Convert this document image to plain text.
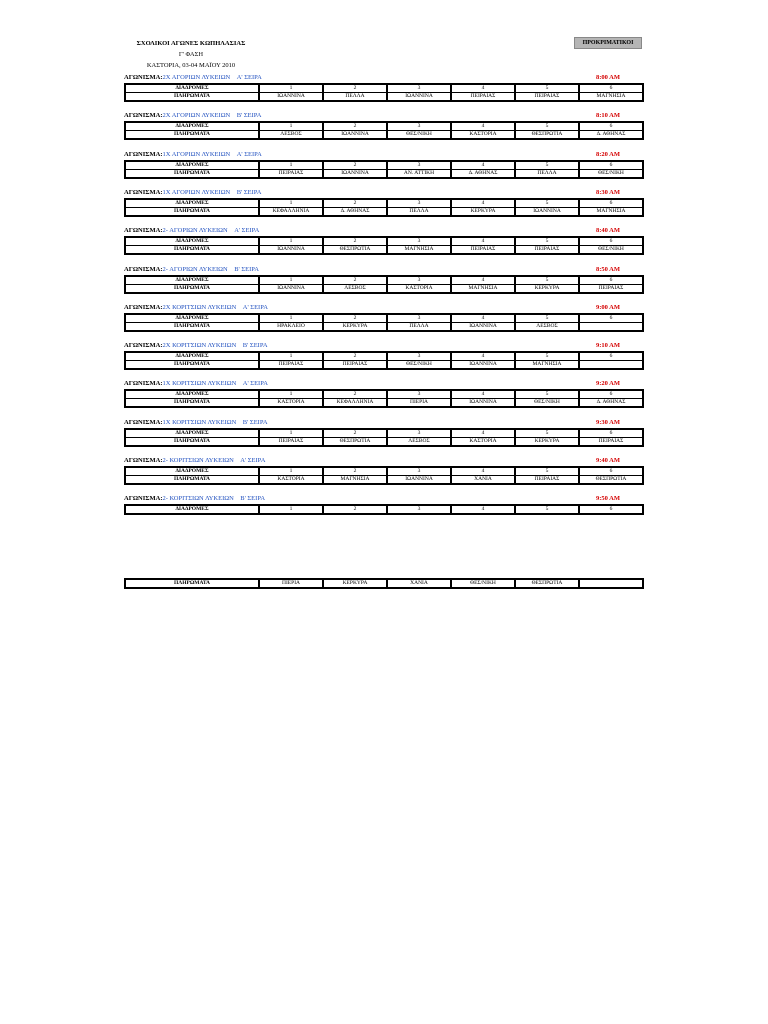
ΣΧΟΛΙΚΟΙ ΑΓΩΝΕΣ ΚΩΠΗΛΑΣΙΑΣ
Γ' ΦΑΣΗ
ΚΑΣΤΟΡΙΑ, 03-04 ΜΑΪΟΥ 2010
ΠΡΟΚΡΙΜΑΤΙΚΟΙ
ΑΓΩΝΙΣΜΑ:2Χ ΑΓΟΡΙΩΝ ΛΥΚΕΙΩΝ Α' ΣΕΙΡΑ	8:00 ΑΜ
ΔΙΑΔΡΟΜΕΣ	1	2	3	4	5	6
ΠΛΗΡΩΜΑΤΑ	ΙΩΑΝΝΙΝΑ	ΠΕΛΛΑ	ΙΩΑΝΝΙΝΑ	ΠΕΙΡΑΙΑΣ	ΠΕΙΡΑΙΑΣ	ΜΑΓΝΗΣΙΑ
ΑΓΩΝΙΣΜΑ:2Χ ΑΓΟΡΙΩΝ ΛΥΚΕΙΩΝ Β' ΣΕΙΡΑ	8:10 ΑΜ
ΔΙΑΔΡΟΜΕΣ	1	2	3	4	5	6
ΠΛΗΡΩΜΑΤΑ	ΛΕΣΒΟΣ	ΙΩΑΝΝΙΝΑ	ΘΕΣ/ΝΙΚΗ	ΚΑΣΤΟΡΙΑ	ΘΕΣΠΡΩΤΙΑ	Δ. ΑΘΗΝΑΣ
ΑΓΩΝΙΣΜΑ:1Χ ΑΓΟΡΙΩΝ ΛΥΚΕΙΩΝ Α' ΣΕΙΡΑ	8:20 ΑΜ
ΔΙΑΔΡΟΜΕΣ	1	2	3	4	5	6
ΠΛΗΡΩΜΑΤΑ	ΠΕΙΡΑΙΑΣ	ΙΩΑΝΝΙΝΑ	ΑΝ. ΑΤΤΙΚΗ	Δ. ΑΘΗΝΑΣ	ΠΕΛΛΑ	ΘΕΣ/ΝΙΚΗ
ΑΓΩΝΙΣΜΑ:1Χ ΑΓΟΡΙΩΝ ΛΥΚΕΙΩΝ Β' ΣΕΙΡΑ	8:30 ΑΜ
ΔΙΑΔΡΟΜΕΣ	1	2	3	4	5	6
ΠΛΗΡΩΜΑΤΑ	ΚΕΦΑΛΛΗΝΙΑ	Δ. ΑΘΗΝΑΣ	ΠΕΛΛΑ	ΚΕΡΚΥΡΑ	ΙΩΑΝΝΙΝΑ	ΜΑΓΝΗΣΙΑ
ΑΓΩΝΙΣΜΑ:2- ΑΓΟΡΙΩΝ ΛΥΚΕΙΩΝ Α' ΣΕΙΡΑ	8:40 ΑΜ
ΔΙΑΔΡΟΜΕΣ	1	2	3	4	5	6
ΠΛΗΡΩΜΑΤΑ	ΙΩΑΝΝΙΝΑ	ΘΕΣΠΡΩΤΙΑ	ΜΑΓΝΗΣΙΑ	ΠΕΙΡΑΙΑΣ	ΠΕΙΡΑΙΑΣ	ΘΕΣ/ΝΙΚΗ
ΑΓΩΝΙΣΜΑ:2- ΑΓΟΡΙΩΝ ΛΥΚΕΙΩΝ Β' ΣΕΙΡΑ	8:50 ΑΜ
ΔΙΑΔΡΟΜΕΣ	1	2	3	4	5	6
ΠΛΗΡΩΜΑΤΑ	ΙΩΑΝΝΙΝΑ	ΛΕΣΒΟΣ	ΚΑΣΤΟΡΙΑ	ΜΑΓΝΗΣΙΑ	ΚΕΡΚΥΡΑ	ΠΕΙΡΑΙΑΣ
ΑΓΩΝΙΣΜΑ:2Χ ΚΟΡΙΤΣΙΩΝ ΛΥΚΕΙΩΝ Α' ΣΕΙΡΑ	9:00 ΑΜ
ΔΙΑΔΡΟΜΕΣ	1	2	3	4	5	6
ΠΛΗΡΩΜΑΤΑ	ΗΡΑΚΛΕΙΟ	ΚΕΡΚΥΡΑ	ΠΕΛΛΑ	ΙΩΑΝΝΙΝΑ	ΛΕΣΒΟΣ	
ΑΓΩΝΙΣΜΑ:2Χ ΚΟΡΙΤΣΙΩΝ ΛΥΚΕΙΩΝ Β' ΣΕΙΡΑ	9:10 ΑΜ
ΔΙΑΔΡΟΜΕΣ	1	2	3	4	5	6
ΠΛΗΡΩΜΑΤΑ	ΠΕΙΡΑΙΑΣ	ΠΕΙΡΑΙΑΣ	ΘΕΣ/ΝΙΚΗ	ΙΩΑΝΝΙΝΑ	ΜΑΓΝΗΣΙΑ	
ΑΓΩΝΙΣΜΑ:1Χ ΚΟΡΙΤΣΙΩΝ ΛΥΚΕΙΩΝ Α' ΣΕΙΡΑ	9:20 ΑΜ
ΔΙΑΔΡΟΜΕΣ	1	2	3	4	5	6
ΠΛΗΡΩΜΑΤΑ	ΚΑΣΤΟΡΙΑ	ΚΕΦΑΛΛΗΝΙΑ	ΠΙΕΡΙΑ	ΙΩΑΝΝΙΝΑ	ΘΕΣ/ΝΙΚΗ	Δ. ΑΘΗΝΑΣ
ΑΓΩΝΙΣΜΑ:1Χ ΚΟΡΙΤΣΙΩΝ ΛΥΚΕΙΩΝ Β' ΣΕΙΡΑ	9:30 ΑΜ
ΔΙΑΔΡΟΜΕΣ	1	2	3	4	5	6
ΠΛΗΡΩΜΑΤΑ	ΠΕΙΡΑΙΑΣ	ΘΕΣΠΡΩΤΙΑ	ΛΕΣΒΟΣ	ΚΑΣΤΟΡΙΑ	ΚΕΡΚΥΡΑ	ΠΕΙΡΑΙΑΣ
ΑΓΩΝΙΣΜΑ:2- ΚΟΡΙΤΣΙΩΝ ΛΥΚΕΙΩΝ Α' ΣΕΙΡΑ	9:40 ΑΜ
ΔΙΑΔΡΟΜΕΣ	1	2	3	4	5	6
ΠΛΗΡΩΜΑΤΑ	ΚΑΣΤΟΡΙΑ	ΜΑΓΝΗΣΙΑ	ΙΩΑΝΝΙΝΑ	ΧΑΝΙΑ	ΠΕΙΡΑΙΑΣ	ΘΕΣΠΡΩΤΙΑ
ΑΓΩΝΙΣΜΑ:2- ΚΟΡΙΤΣΙΩΝ ΛΥΚΕΙΩΝ Β' ΣΕΙΡΑ	9:50 ΑΜ
ΔΙΑΔΡΟΜΕΣ	1	2	3	4	5	6
ΠΛΗΡΩΜΑΤΑ	ΠΙΕΡΙΑ	ΚΕΡΚΥΡΑ	ΧΑΝΙΑ	ΘΕΣ/ΝΙΚΗ	ΘΕΣΠΡΩΤΙΑ	
